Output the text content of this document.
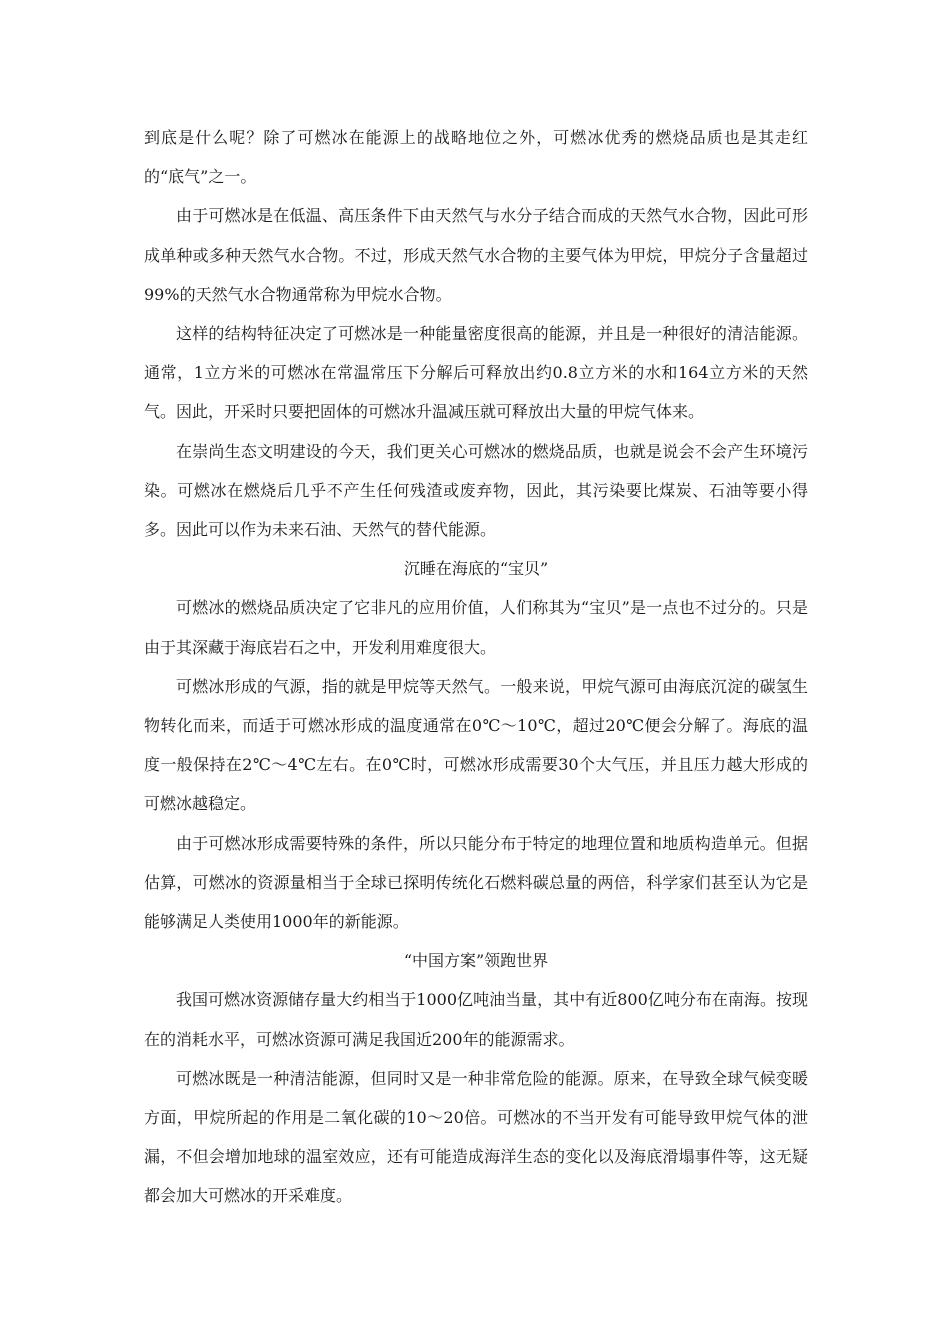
到底是什么呢？除了可燃冰在能源上的战略地位之外，可燃冰优秀的燃烧品质也是其走红的“底气”之一。

由于可燃冰是在低温、高压条件下由天然气与水分子结合而成的天然气水合物，因此可形成单种或多种天然气水合物。不过，形成天然气水合物的主要气体为甲烷，甲烷分子含量超过99%的天然气水合物通常称为甲烷水合物。

这样的结构特征决定了可燃冰是一种能量密度很高的能源，并且是一种很好的清洁能源。通常，1立方米的可燃冰在常温常压下分解后可释放出约0.8立方米的水和164立方米的天然气。因此，开采时只要把固体的可燃冰升温减压就可释放出大量的甲烷气体来。

在崇尚生态文明建设的今天，我们更关心可燃冰的燃烧品质，也就是说会不会产生环境污染。可燃冰在燃烧后几乎不产生任何残渣或废弃物，因此，其污染要比煤炭、石油等要小得多。因此可以作为未来石油、天然气的替代能源。

沉睡在海底的“宝贝”

可燃冰的燃烧品质决定了它非凡的应用价值，人们称其为“宝贝”是一点也不过分的。只是由于其深藏于海底岩石之中，开发利用难度很大。

可燃冰形成的气源，指的就是甲烷等天然气。一般来说，甲烷气源可由海底沉淀的碳氢生物转化而来，而适于可燃冰形成的温度通常在0℃～10℃，超过20℃便会分解了。海底的温度一般保持在2℃～4℃左右。在0℃时，可燃冰形成需要30个大气压，并且压力越大形成的可燃冰越稳定。

由于可燃冰形成需要特殊的条件，所以只能分布于特定的地理位置和地质构造单元。但据估算，可燃冰的资源量相当于全球已探明传统化石燃料碳总量的两倍，科学家们甚至认为它是能够满足人类使用1000年的新能源。

“中国方案”领跑世界

我国可燃冰资源储存量大约相当于1000亿吨油当量，其中有近800亿吨分布在南海。按现在的消耗水平，可燃冰资源可满足我国近200年的能源需求。

可燃冰既是一种清洁能源，但同时又是一种非常危险的能源。原来，在导致全球气候变暖方面，甲烷所起的作用是二氧化碳的10～20倍。可燃冰的不当开发有可能导致甲烷气体的泄漏，不但会增加地球的温室效应，还有可能造成海洋生态的变化以及海底滑塌事件等，这无疑都会加大可燃冰的开采难度。
